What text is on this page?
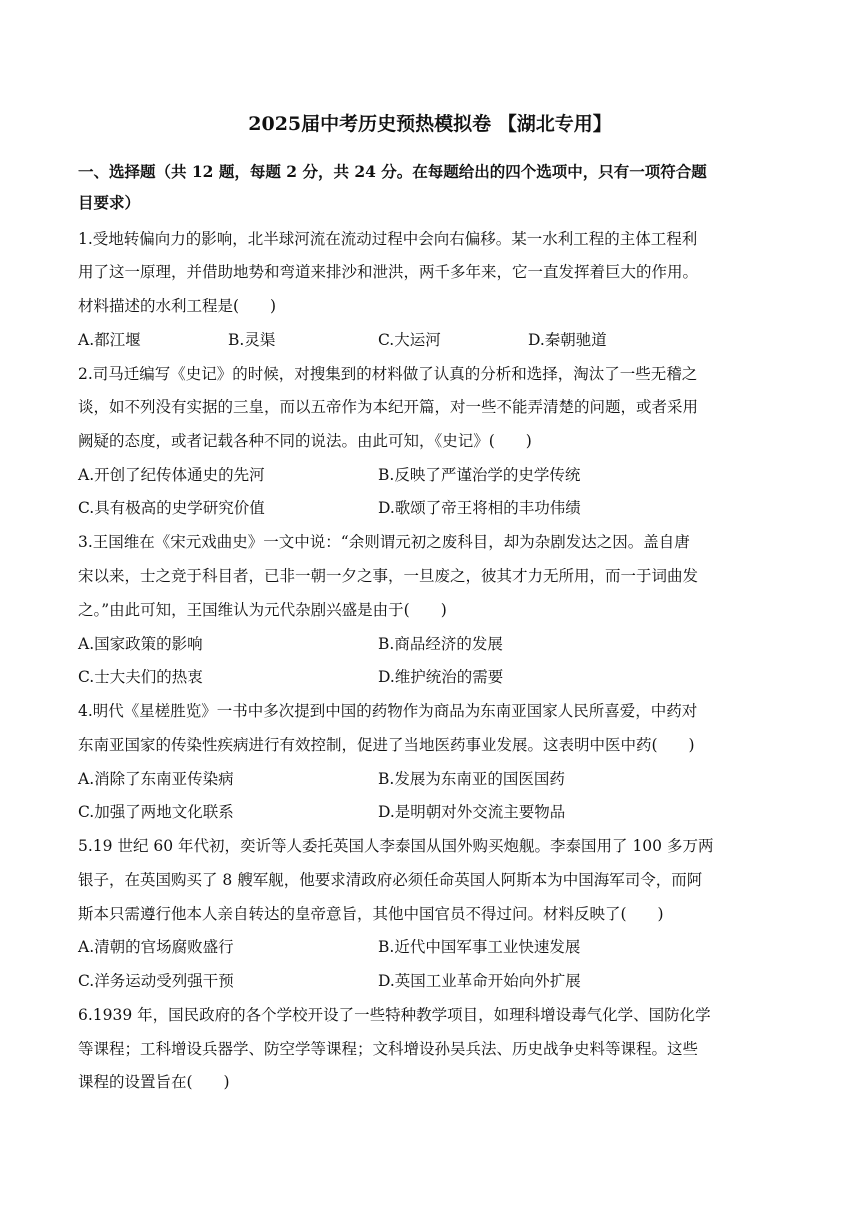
2025届中考历史预热模拟卷 【湖北专用】
一、选择题（共 12 题，每题 2 分，共 24 分。在每题给出的四个选项中，只有一项符合题
目要求）
1.受地转偏向力的影响，北半球河流在流动过程中会向右偏移。某一水利工程的主体工程利
用了这一原理，并借助地势和弯道来排沙和泄洪，两千多年来，它一直发挥着巨大的作用。
材料描述的水利工程是(　　)
A.都江堰	B.灵渠	C.大运河	D.秦朝驰道
2.司马迁编写《史记》的时候，对搜集到的材料做了认真的分析和选择，淘汰了一些无稽之
谈，如不列没有实据的三皇，而以五帝作为本纪开篇，对一些不能弄清楚的问题，或者采用
阙疑的态度，或者记载各种不同的说法。由此可知，《史记》(　　)
A.开创了纪传体通史的先河	B.反映了严谨治学的史学传统
C.具有极高的史学研究价值	D.歌颂了帝王将相的丰功伟绩
3.王国维在《宋元戏曲史》一文中说：“余则谓元初之废科目，却为杂剧发达之因。盖自唐
宋以来，士之竞于科目者，已非一朝一夕之事，一旦废之，彼其才力无所用，而一于词曲发
之。”由此可知，王国维认为元代杂剧兴盛是由于(　　)
A.国家政策的影响	B.商品经济的发展
C.士大夫们的热衷	D.维护统治的需要
4.明代《星槎胜览》一书中多次提到中国的药物作为商品为东南亚国家人民所喜爱，中药对
东南亚国家的传染性疾病进行有效控制，促进了当地医药事业发展。这表明中医中药(　　)
A.消除了东南亚传染病	B.发展为东南亚的国医国药
C.加强了两地文化联系	D.是明朝对外交流主要物品
5.19 世纪 60 年代初，奕䜣等人委托英国人李泰国从国外购买炮舰。李泰国用了 100 多万两
银子，在英国购买了 8 艘军舰，他要求清政府必须任命英国人阿斯本为中国海军司令，而阿
斯本只需遵行他本人亲自转达的皇帝意旨，其他中国官员不得过问。材料反映了(　　)
A.清朝的官场腐败盛行	B.近代中国军事工业快速发展
C.洋务运动受列强干预	D.英国工业革命开始向外扩展
6.1939 年，国民政府的各个学校开设了一些特种教学项目，如理科增设毒气化学、国防化学
等课程；工科增设兵器学、防空学等课程；文科增设孙吴兵法、历史战争史料等课程。这些
课程的设置旨在(　　)
